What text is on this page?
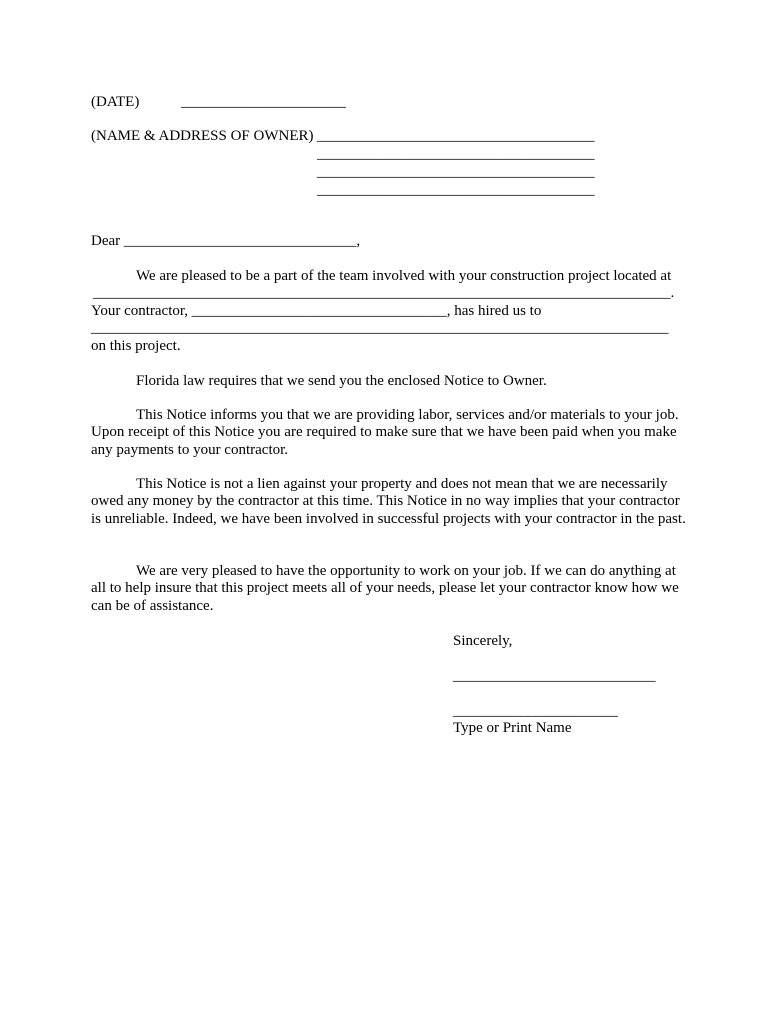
(DATE)	______________________
(NAME & ADDRESS OF OWNER) _____________________________________
_____________________________________
_____________________________________
_____________________________________
Dear _______________________________,
We are pleased to be a part of the team involved with your construction project located at
_____________________________________________________________________________.
Your contractor, __________________________________, has hired us to
_____________________________________________________________________________
on this project.
Florida law requires that we send you the enclosed Notice to Owner.
This Notice informs you that we are providing labor, services and/or materials to your job. Upon receipt of this Notice you are required to make sure that we have been paid when you make any payments to your contractor.
This Notice is not a lien against your property and does not mean that we are necessarily owed any money by the contractor at this time. This Notice in no way implies that your contractor is unreliable. Indeed, we have been involved in successful projects with your contractor in the past.
We are very pleased to have the opportunity to work on your job. If we can do anything at all to help insure that this project meets all of your needs, please let your contractor know how we can be of assistance.
Sincerely,
___________________________
______________________
Type or Print Name
